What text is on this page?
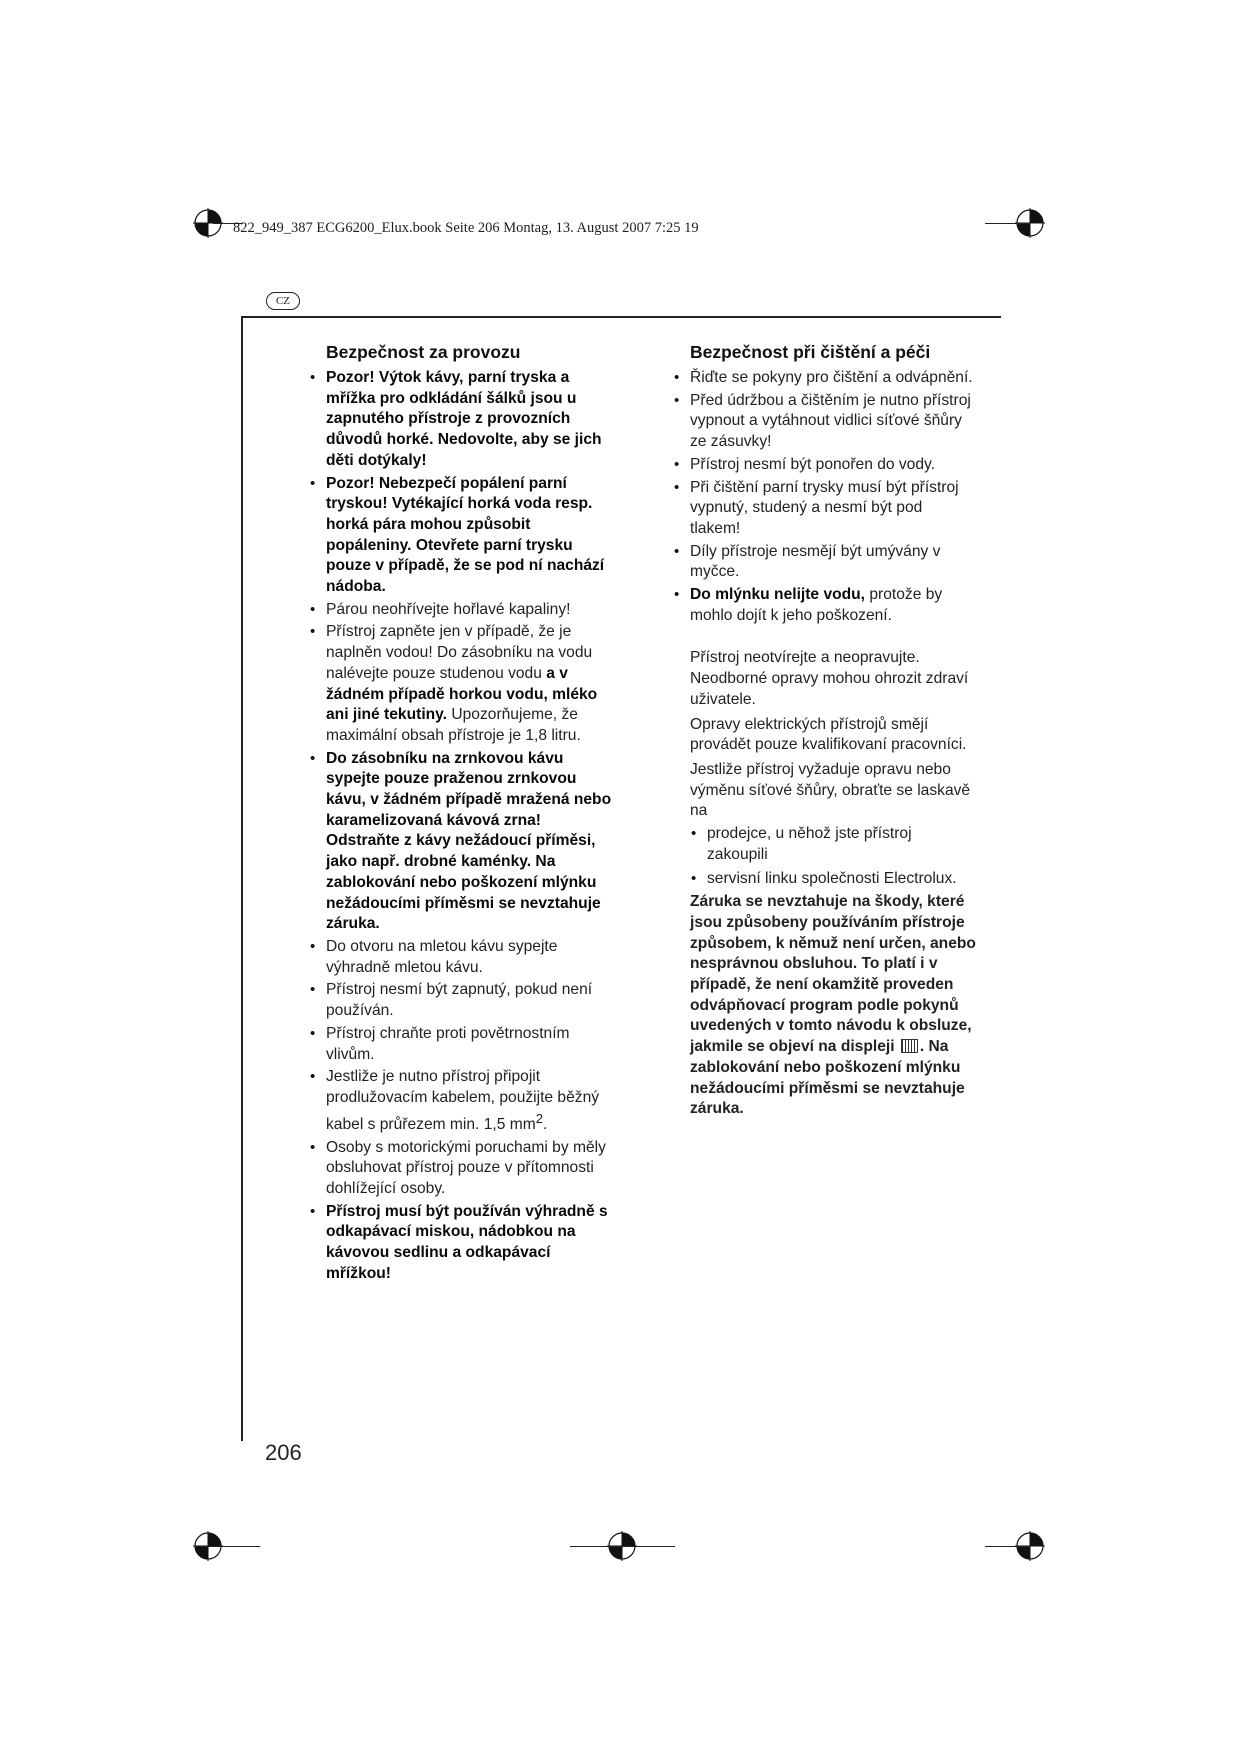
822_949_387 ECG6200_Elux.book Seite 206 Montag, 13. August 2007 7:25 19
CZ
Bezpečnost za provozu
• Pozor! Výtok kávy, parní tryska a mřížka pro odkládání šálků jsou u zapnutého přístroje z provozních důvodů horké. Nedovolte, aby se jich děti dotýkaly!
• Pozor! Nebezpečí popálení parní tryskou! Vytékající horká voda resp. horká pára mohou způsobit popáleniny. Otevřete parní trysku pouze v případě, že se pod ní nachází nádoba.
• Párou neohřívejte hořlavé kapaliny!
• Přístroj zapněte jen v případě, že je naplněn vodou! Do zásobníku na vodu nalévejte pouze studenou vodu a v žádném případě horkou vodu, mléko ani jiné tekutiny. Upozorňujeme, že maximální obsah přístroje je 1,8 litru.
• Do zásobníku na zrnkovou kávu sypejte pouze praženou zrnkovou kávu, v žádném případě mražená nebo karamelizovaná kávová zrna! Odstraňte z kávy nežádoucí příměsi, jako např. drobné kaménky. Na zablokování nebo poškození mlýnku nežádoucími příměsmi se nevztahuje záruka.
• Do otvoru na mletou kávu sypejte výhradně mletou kávu.
• Přístroj nesmí být zapnutý, pokud není používán.
• Přístroj chraňte proti povětrnostním vlivům.
• Jestliže je nutno přístroj připojit prodlužovacím kabelem, použijte běžný kabel s průřezem min. 1,5 $mm^2$.
• Osoby s motorickými poruchami by měly obsluhovat přístroj pouze v přítomnosti dohlížející osoby.
• Přístroj musí být používán výhradně s odkapávací miskou, nádobkou na kávovou sedlinu a odkapávací mřížkou!
Bezpečnost při čištění a péči
• Řiďte se pokyny pro čištění a odvápnění.
• Před údržbou a čištěním je nutno přístroj vypnout a vytáhnout vidlici síťové šňůry ze zásuvky!
• Přístroj nesmí být ponořen do vody.
• Při čištění parní trysky musí být přístroj vypnutý, studený a nesmí být pod tlakem!
• Díly přístroje nesmějí být umývány v myčce.
• Do mlýnku nelijte vodu, protože by mohlo dojít k jeho poškození.

Přístroj neotvírejte a neopravujte. Neodborné opravy mohou ohrozit zdraví uživatele.

Opravy elektrických přístrojů smějí provádět pouze kvalifikovaní pracovníci.

Jestliže přístroj vyžaduje opravu nebo výměnu síťové šňůry, obraťte se laskavě na

• prodejce, u něhož jste přístroj zakoupili
• servisní linku společnosti Electrolux.

Záruka se nevztahuje na škody, které jsou způsobeny používáním přístroje způsobem, k němuž není určen, anebo nesprávnou obsluhou. To platí i v případě, že není okamžitě proveden odvápňovací program podle pokynů uvedených v tomto návodu k obsluze, jakmile se objeví na displeji . Na zablokování nebo poškození mlýnku nežádoucími příměsmi se nevztahuje záruka.

206
